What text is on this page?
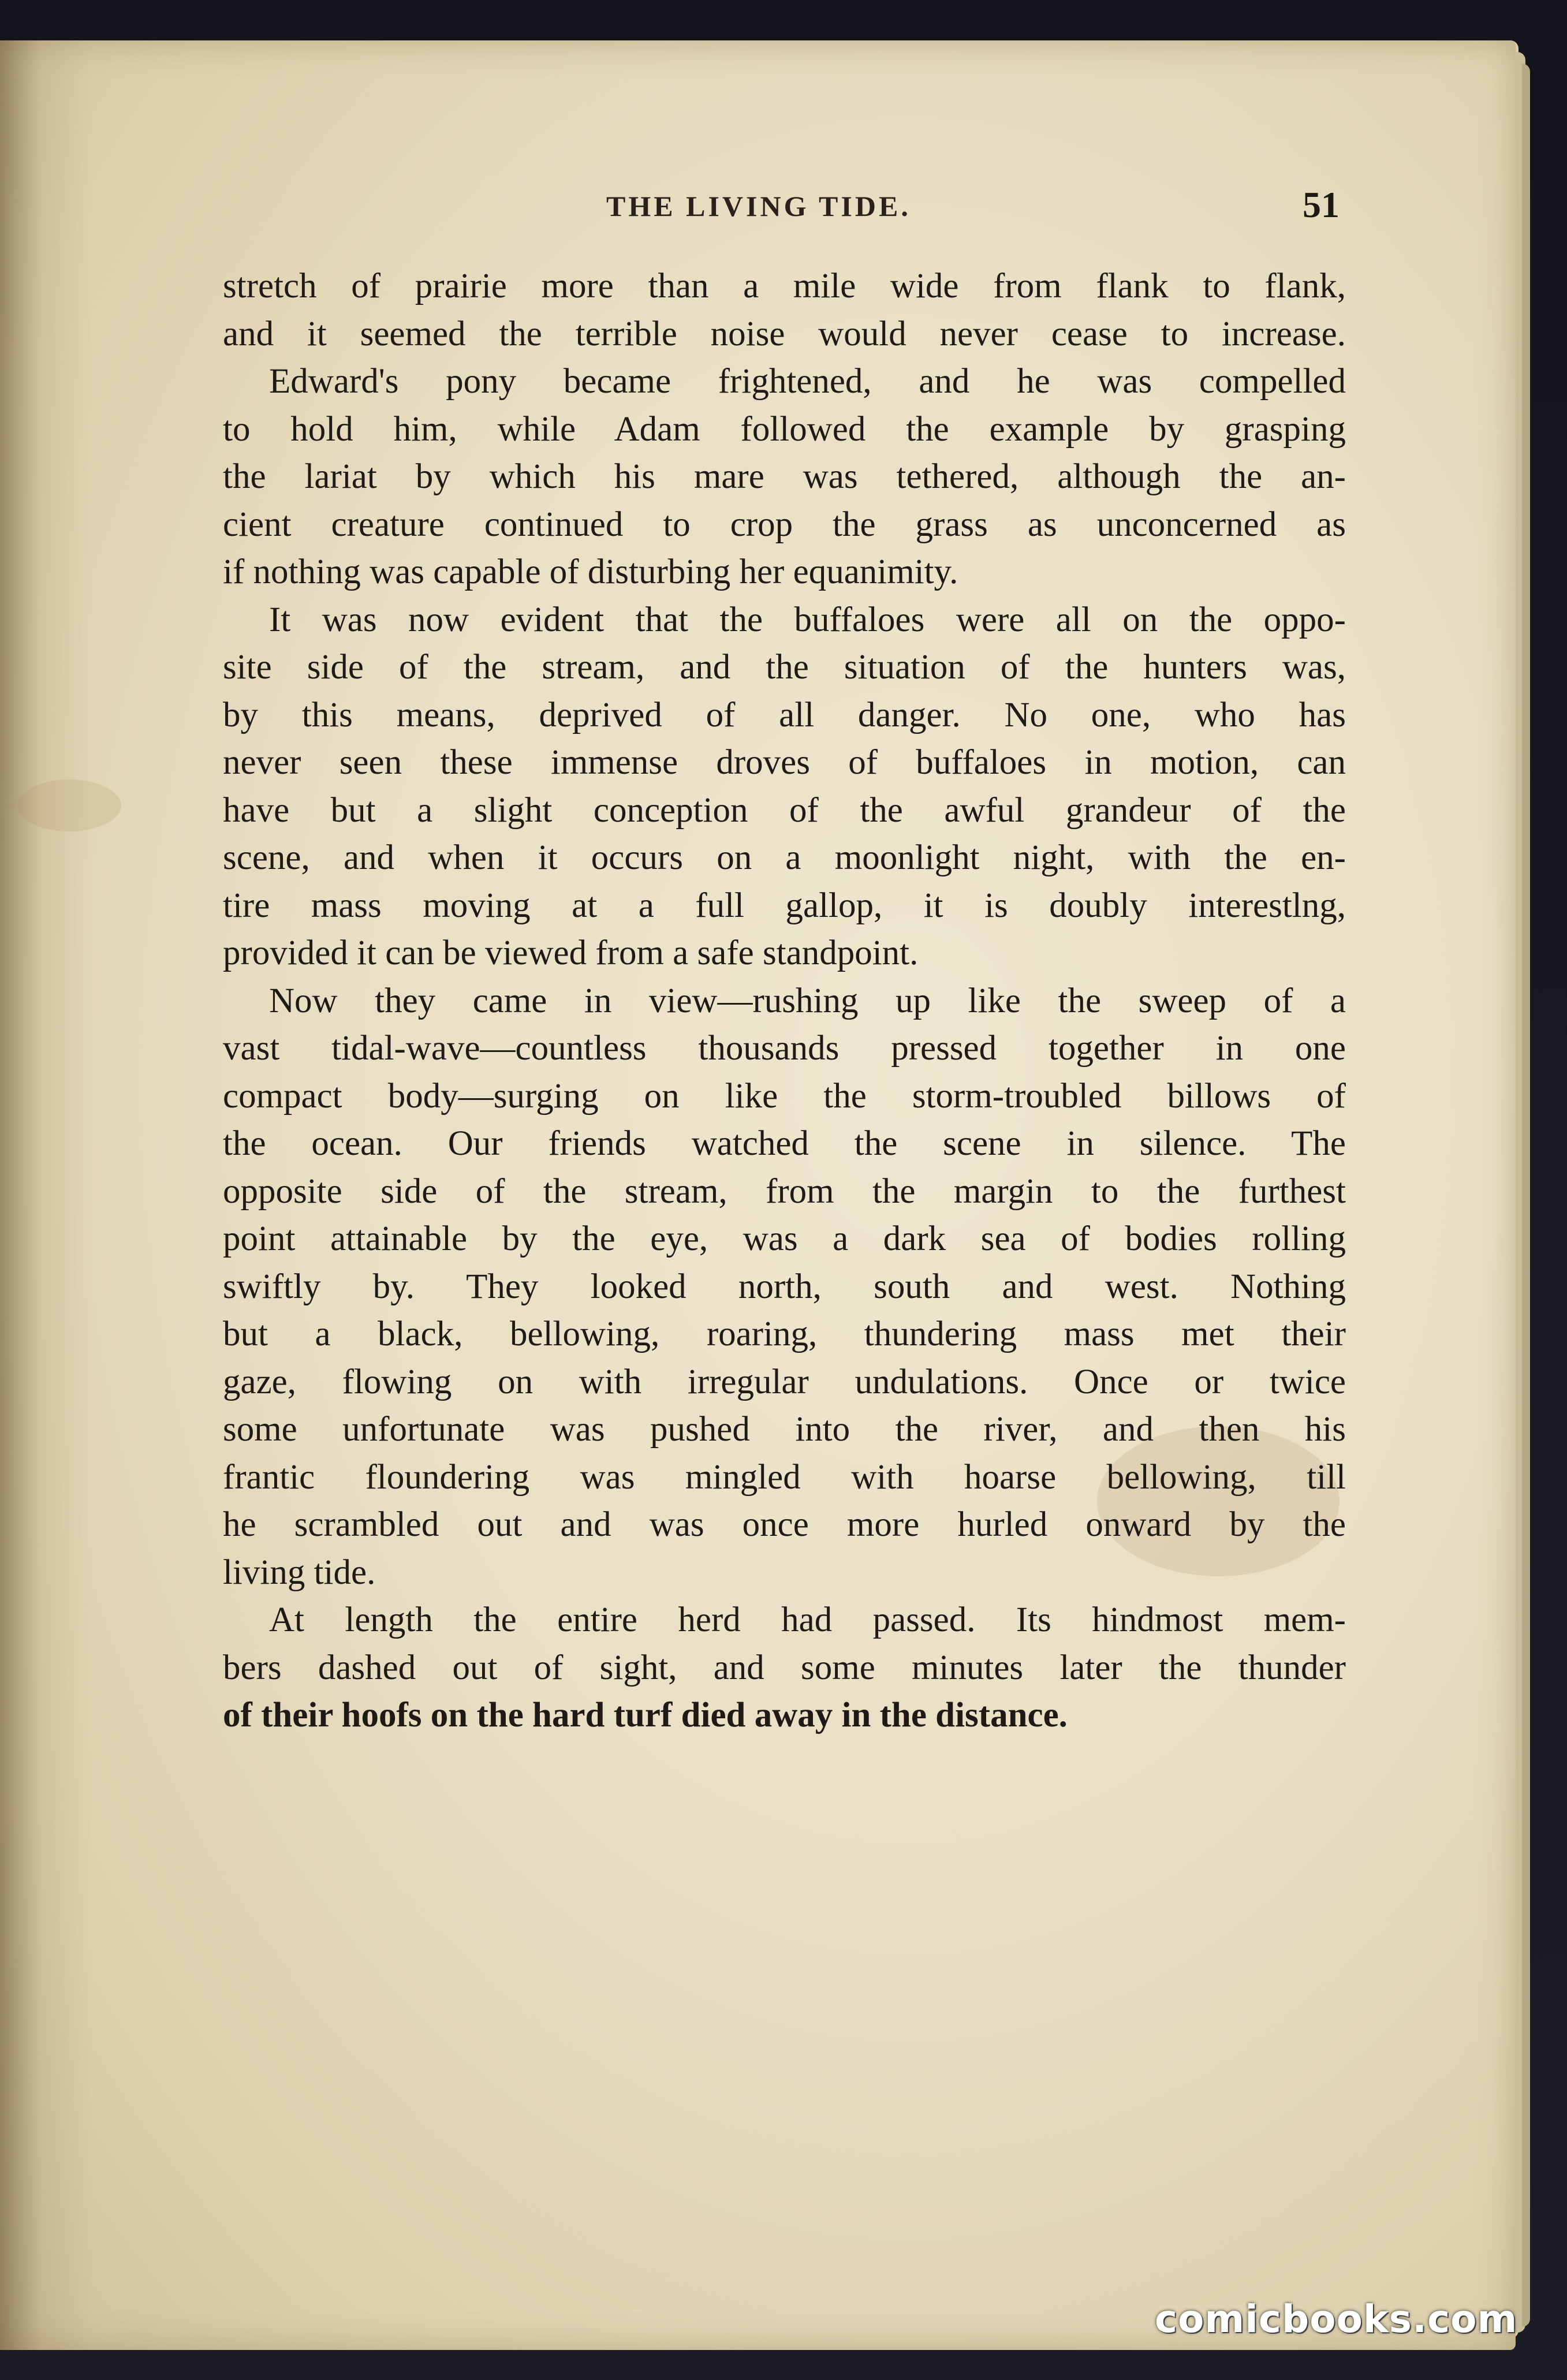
THE LIVING TIDE.	51

stretch of prairie more than a mile wide from flank to flank,
and it seemed the terrible noise would never cease to increase.
Edward's pony became frightened, and he was compelled
to hold him, while Adam followed the example by grasping
the lariat by which his mare was tethered, although the an-
cient creature continued to crop the grass as unconcerned as
if nothing was capable of disturbing her equanimity.
It was now evident that the buffaloes were all on the oppo-
site side of the stream, and the situation of the hunters was,
by this means, deprived of all danger. No one, who has
never seen these immense droves of buffaloes in motion, can
have but a slight conception of the awful grandeur of the
scene, and when it occurs on a moonlight night, with the en-
tire mass moving at a full gallop, it is doubly interestlng,
provided it can be viewed from a safe standpoint.
Now they came in view—rushing up like the sweep of a
vast tidal-wave—countless thousands pressed together in one
compact body—surging on like the storm-troubled billows of
the ocean. Our friends watched the scene in silence. The
opposite side of the stream, from the margin to the furthest
point attainable by the eye, was a dark sea of bodies rolling
swiftly by. They looked north, south and west. Nothing
but a black, bellowing, roaring, thundering mass met their
gaze, flowing on with irregular undulations. Once or twice
some unfortunate was pushed into the river, and then his
frantic floundering was mingled with hoarse bellowing, till
he scrambled out and was once more hurled onward by the
living tide.
At length the entire herd had passed. Its hindmost mem-
bers dashed out of sight, and some minutes later the thunder
of their hoofs on the hard turf died away in the distance.
comicbooks.com
